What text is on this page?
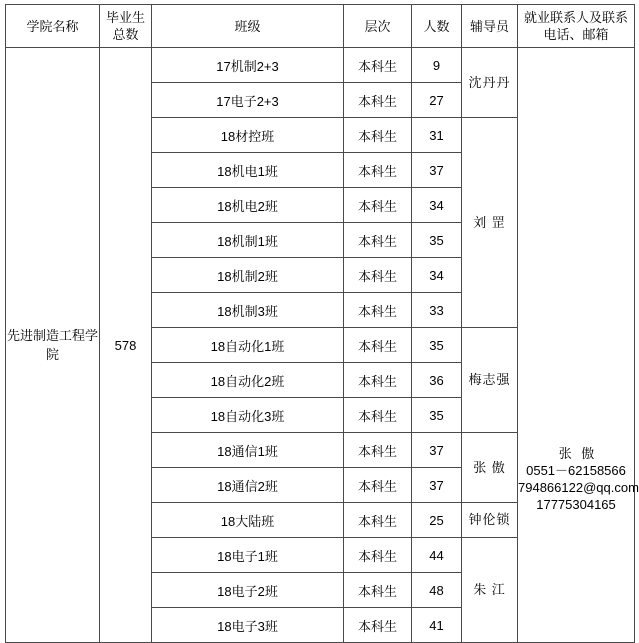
学院名称	毕业生总数	班级	层次	人数	辅导员	就业联系人及联系电话、邮箱
先进制造工程学院	578	17机制2+3	本科生	9	沈丹丹	张 傲
0551－62158566
794866122@qq.com
17775304165

		17电子2+3	本科生	27		
		18材控班	本科生	31	刘 罡	
		18机电1班	本科生	37		
		18机电2班	本科生	34		
		18机制1班	本科生	35		
		18机制2班	本科生	34		
		18机制3班	本科生	33		
		18自动化1班	本科生	35	梅志强	
		18自动化2班	本科生	36		
		18自动化3班	本科生	35		
		18通信1班	本科生	37	张 傲	
		18通信2班	本科生	37		
		18大陆班	本科生	25	钟伦锁	
		18电子1班	本科生	44	朱 江	
		18电子2班	本科生	48		
		18电子3班	本科生	41		
